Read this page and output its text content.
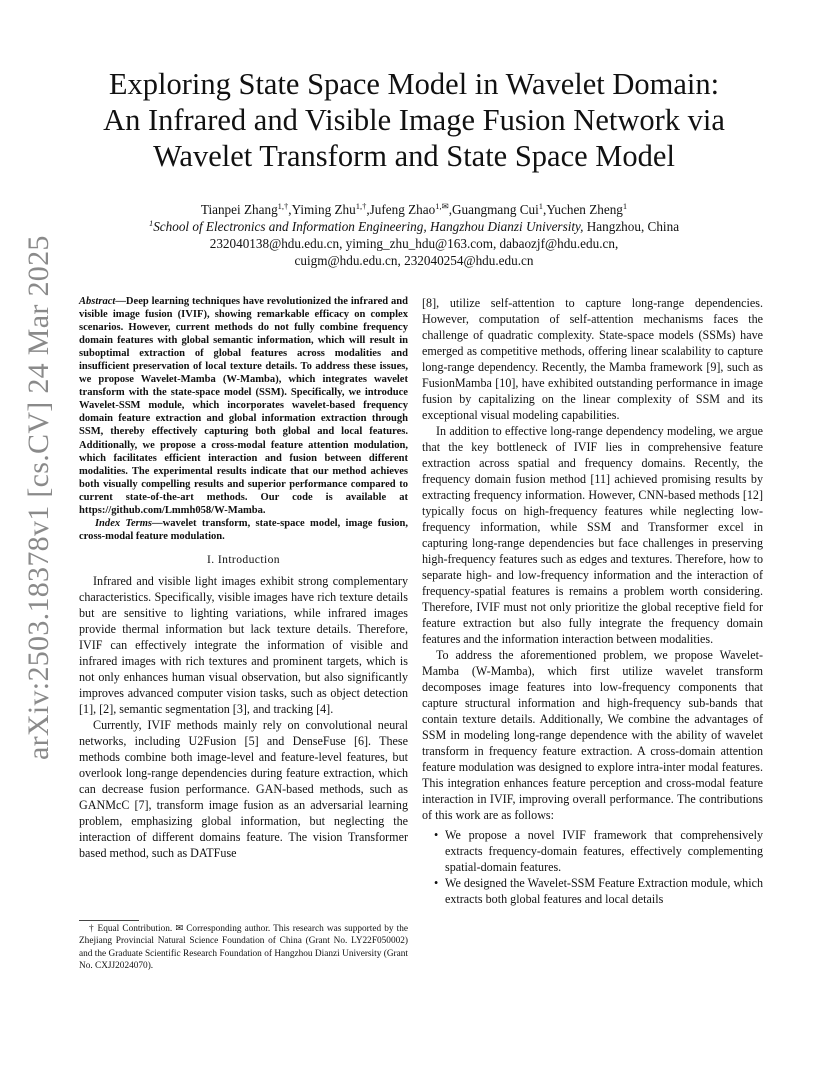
arXiv:2503.18378v1 [cs.CV] 24 Mar 2025
Exploring State Space Model in Wavelet Domain:
An Infrared and Visible Image Fusion Network via
Wavelet Transform and State Space Model
Tianpei Zhang$^{1,\dagger}$,Yiming Zhu$^{1,\dagger}$,Jufeng Zhao$^{1,✉}$,Guangmang Cui$^1$,Yuchen Zheng$^1$
$^1$School of Electronics and Information Engineering, Hangzhou Dianzi University, Hangzhou, China
232040138@hdu.edu.cn, yiming_zhu_hdu@163.com, dabaozjf@hdu.edu.cn,
cuigm@hdu.edu.cn, 232040254@hdu.edu.cn

Abstract—Deep learning techniques have revolutionized the infrared and visible image fusion (IVIF), showing remarkable efficacy on complex scenarios. However, current methods do not fully combine frequency domain features with global semantic information, which will result in suboptimal extraction of global features across modalities and insufficient preservation of local texture details. To address these issues, we propose Wavelet-Mamba (W-Mamba), which integrates wavelet transform with the state-space model (SSM). Specifically, we introduce Wavelet-SSM module, which incorporates wavelet-based frequency domain feature extraction and global information extraction through SSM, thereby effectively capturing both global and local features. Additionally, we propose a cross-modal feature attention modulation, which facilitates efficient interaction and fusion between different modalities. The experimental results indicate that our method achieves both visually compelling results and superior performance compared to current state-of-the-art methods. Our code is available at https://github.com/Lmmh058/W-Mamba.

Index Terms—wavelet transform, state-space model, image fusion, cross-modal feature modulation.

I. Introduction

Infrared and visible light images exhibit strong complementary characteristics. Specifically, visible images have rich texture details but are sensitive to lighting variations, while infrared images provide thermal information but lack texture details. Therefore, IVIF can effectively integrate the information of visible and infrared images with rich textures and prominent targets, which is not only enhances human visual observation, but also significantly improves advanced computer vision tasks, such as object detection [1], [2], semantic segmentation [3], and tracking [4].

Currently, IVIF methods mainly rely on convolutional neural networks, including U2Fusion [5] and DenseFuse [6]. These methods combine both image-level and feature-level features, but overlook long-range dependencies during feature extraction, which can decrease fusion performance. GAN-based methods, such as GANMcC [7], transform image fusion as an adversarial learning problem, emphasizing global information, but neglecting the interaction of different domains feature. The vision Transformer based method, such as DATFuse

[8], utilize self-attention to capture long-range dependencies. However, computation of self-attention mechanisms faces the challenge of quadratic complexity. State-space models (SSMs) have emerged as competitive methods, offering linear scalability to capture long-range dependency. Recently, the Mamba framework [9], such as FusionMamba [10], have exhibited outstanding performance in image fusion by capitalizing on the linear complexity of SSM and its exceptional visual modeling capabilities.

In addition to effective long-range dependency modeling, we argue that the key bottleneck of IVIF lies in comprehensive feature extraction across spatial and frequency domains. Recently, the frequency domain fusion method [11] achieved promising results by extracting frequency information. However, CNN-based methods [12] typically focus on high-frequency features while neglecting low-frequency information, while SSM and Transformer excel in capturing long-range dependencies but face challenges in preserving high-frequency features such as edges and textures. Therefore, how to separate high- and low-frequency information and the interaction of frequency-spatial features is remains a problem worth considering. Therefore, IVIF must not only prioritize the global receptive field for feature extraction but also fully integrate the frequency domain features and the information interaction between modalities.

To address the aforementioned problem, we propose Wavelet-Mamba (W-Mamba), which first utilize wavelet transform decomposes image features into low-frequency components that capture structural information and high-frequency sub-bands that contain texture details. Additionally, We combine the advantages of SSM in modeling long-range dependence with the ability of wavelet transform in frequency feature extraction. A cross-domain attention feature modulation was designed to explore intra-inter modal features. This integration enhances feature perception and cross-modal feature interaction in IVIF, improving overall performance. The contributions of this work are as follows:

• We propose a novel IVIF framework that comprehensively extracts frequency-domain features, effectively complementing spatial-domain features.
• We designed the Wavelet-SSM Feature Extraction module, which extracts both global features and local details
† Equal Contribution. ✉ Corresponding author. This research was supported by the Zhejiang Provincial Natural Science Foundation of China (Grant No. LY22F050002) and the Graduate Scientific Research Foundation of Hangzhou Dianzi University (Grant No. CXJJ2024070).
